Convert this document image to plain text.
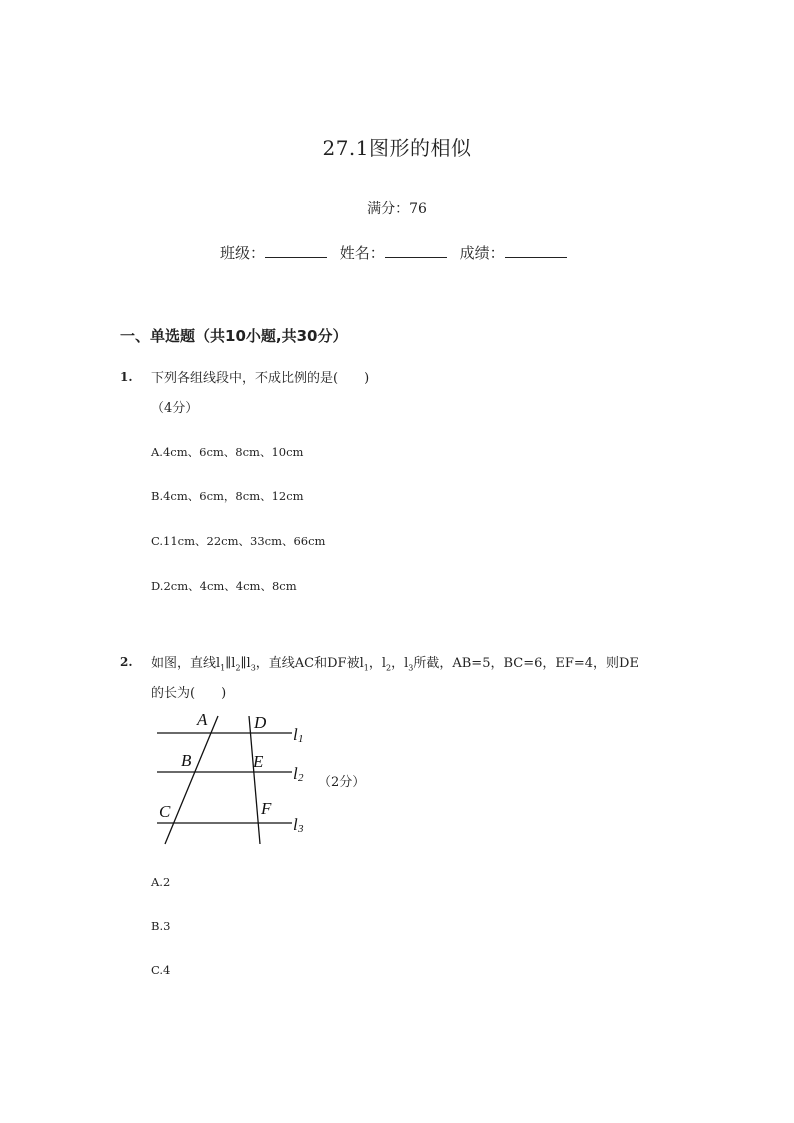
27.1图形的相似
满分：76
班级：	姓名：	成绩：
一、单选题（共10小题,共30分）
1. 下列各组线段中，不成比例的是(　　)
（4分）
A.4cm、6cm、8cm、10cm
B.4cm、6cm，8cm、12cm
C.11cm、22cm、33cm、66cm
D.2cm、4cm、4cm、8cm
2. 如图，直线$l_1\parallel l_2\parallel l_3$，直线AC和DF被$l_1$，$l_2$，$l_3$所截，AB=5，BC=6，EF=4，则DE
的长为(　　)
A	D
B	E
C	F
l
l
l
1
2
3
（2分）
A.2
B.3
C.4
